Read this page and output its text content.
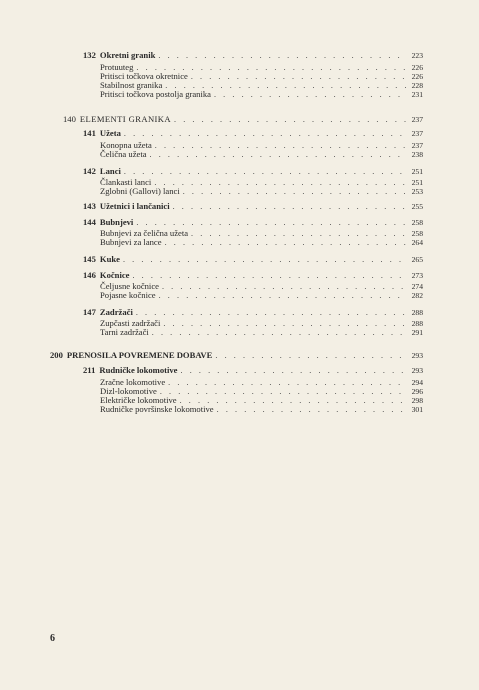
132 Okretni granik . . .	223
Protuuteg . . .	226
Pritisci točkova okretnice . . .	226
Stabilnost granika . . .	228
Pritisci točkova postolja granika . . .	231
140 ELEMENTI GRANIKA . . .	237
141 Užeta . . .	237
Konopna užeta . . .	237
Čelična užeta . . .	238
142 Lanci . . .	251
Člankasti lanci . . .	251
Zglobni (Gallovi) lanci . . .	253
143 Užetnici i lančanici . . .	255
144 Bubnjevi . . .	258
Bubnjevi za čelična užeta . . .	258
Bubnjevi za lance . . .	264
145 Kuke . . .	265
146 Kočnice . . .	273
Čeljusne kočnice . . .	274
Pojasne kočnice . . .	282
147 Zadržači . . .	288
Zupčasti zadržači . . .	288
Tarni zadržači . . .	291
200 PRENOSILA POVREMENE DOBAVE . . .	293
211 Rudničke lokomotive . . .	293
Zračne lokomotive . . .	294
Dizl-lokomotive . . .	296
Električke lokomotive . . .	298
Rudničke površinske lokomotive . . .	301
6
